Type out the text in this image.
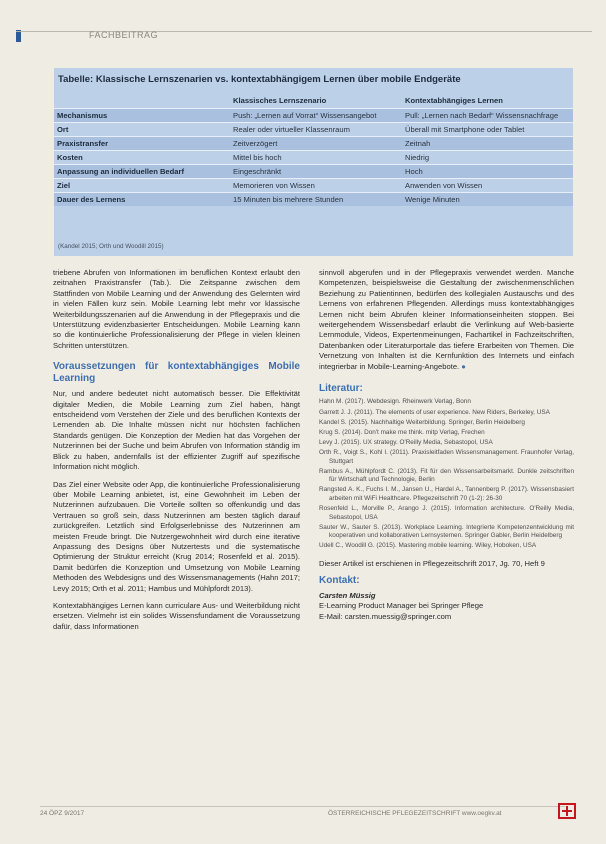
FACHBEITRAG
Tabelle: Klassische Lernszenarien vs. kontextabhängigem Lernen über mobile Endgeräte
	Klassisches Lernszenario	Kontextabhängiges Lernen
Mechanismus	Push: „Lernen auf Vorrat“ Wissensangebot	Pull: „Lernen nach Bedarf“ Wissensnachfrage
Ort	Realer oder virtueller Klassenraum	Überall mit Smartphone oder Tablet
Praxistransfer	Zeitverzögert	Zeitnah
Kosten	Mittel bis hoch	Niedrig
Anpassung an individuellen Bedarf	Eingeschränkt	Hoch
Ziel	Memorieren von Wissen	Anwenden von Wissen
Dauer des Lernens	15 Minuten bis mehrere Stunden	Wenige Minuten
(Kandel 2015; Orth und Woodill 2015)

triebene Abrufen von Informationen im beruflichen Kontext erlaubt den zeitnahen Praxistransfer (Tab.). Die Zeitspanne zwischen dem Stattfinden von Mobile Learning und der Anwendung des Gelernten wird in vielen Fällen kurz sein. Mobile Learning lebt mehr vor klassische Weiterbildungsszenarien auf die Anwendung in der Pflegepraxis und die Unterstützung evidenzbasierter Entscheidungen. Mobile Learning kann so die kontinuierliche Professionalisierung der Pflege in vielen kleinen Schritten unterstützen.

Voraussetzungen für kontextabhängiges Mobile Learning

Nur, und andere bedeutet nicht automatisch besser. Die Effektivität digitaler Medien, die Mobile Learning zum Ziel haben, hängt entscheidend vom Verstehen der Ziele und des beruflichen Kontexts der Lernenden ab. Die Inhalte müssen nicht nur höchsten fachlichen Standards genügen. Die Konzeption der Medien hat das Vorgehen der Nutzerinnen bei der Suche und beim Abrufen von Information ständig im Blick zu haben, andernfalls ist der effizienter Zugriff auf spezifische Information nicht möglich.

Das Ziel einer Website oder App, die kontinuierliche Professionalisierung über Mobile Learning anbietet, ist, eine Gewohnheit im Leben der Nutzerinnen aufzubauen. Die Vorteile sollten so offenkundig und das Vertrauen so groß sein, dass Nutzerinnen am besten täglich darauf zurückgreifen. Letztlich sind Erfolgserlebnisse des Nutzerinnen am meisten Freude bringt. Die Nutzergewohnheit wird durch eine iterative Anpassung des Designs über Nutzertests und die systematische Optimierung der Struktur erreicht (Krug 2014; Rosenfeld et al. 2015). Damit bedürfen die Konzeption und Umsetzung von Mobile Learning Methoden des Webdesigns und des Wissensmanagements (Hahn 2017; Levy 2015; Orth et al. 2011; Hambus und Mühlpfordt 2013).

Kontextabhängiges Lernen kann curriculare Aus- und Weiterbildung nicht ersetzen. Vielmehr ist ein solides Wissensfundament die Voraussetzung dafür, dass Informationen

sinnvoll abgerufen und in der Pflegepraxis verwendet werden. Manche Kompetenzen, beispielsweise die Gestaltung der zwischenmenschlichen Beziehung zu Patientinnen, bedürfen des kollegialen Austauschs und des Lernens von erfahrenen Pflegenden. Allerdings muss kontextabhängiges Lernen nicht beim Abrufen kleiner Informationseinheiten stoppen. Bei weitergehendem Wissensbedarf erlaubt die Verlinkung auf Web-basierte Lernmodule, Videos, Expertenmeinungen, Fachartikel in Fachzeitschriften, Datenbanken oder Literaturportale das tiefere Erarbeiten von Themen. Die Vernetzung von Inhalten ist die Kernfunktion des Internets und einfach integrierbar in Mobile-Learning-Angebote. ●

Literatur:
Hahn M. (2017). Webdesign. Rheinwerk Verlag, Bonn
Garrett J. J. (2011). The elements of user experience. New Riders, Berkeley, USA
Kandel S. (2015). Nachhaltige Weiterbildung. Springer, Berlin Heidelberg
Krug S. (2014). Don't make me think. mitp Verlag, Frechen
Levy J. (2015). UX strategy. O'Reilly Media, Sebastopol, USA
Orth R., Voigt S., Kohl I. (2011). Praxisleitfaden Wissensmanagement. Fraunhofer Verlag, Stuttgart
Rambus A., Mühlpfordt C. (2013). Fit für den Wissensarbeitsmarkt. Dunkle zeitschriften für Wirtschaft und Technologie, Berlin
Rangsted A. K., Fuchs I. M., Jansen U., Hardel A., Tannenberg P. (2017). Wissensbasiert arbeiten mit WiFi Healthcare. Pflegezeitschrift 70 (1-2): 26-30
Rosenfeld L., Morville P., Arango J. (2015). Information architecture. O'Reilly Media, Sebastopol, USA
Sauter W., Sauter S. (2013). Workplace Learning. Integrierte Kompetenzentwicklung mit kooperativen und kollaborativen Lernsystemen. Springer Gabler, Berlin Heidelberg
Udell C., Woodill G. (2015). Mastering mobile learning. Wiley, Hoboken, USA

Dieser Artikel ist erschienen in Pflegezeitschrift 2017, Jg. 70, Heft 9

Kontakt:
Carsten Müssig
E-Learning Product Manager bei Springer Pflege
E-Mail: carsten.muessig@springer.com
24 ÖPZ 9/2017	ÖSTERREICHISCHE PFLEGEZEITSCHRIFT www.oegkv.at
